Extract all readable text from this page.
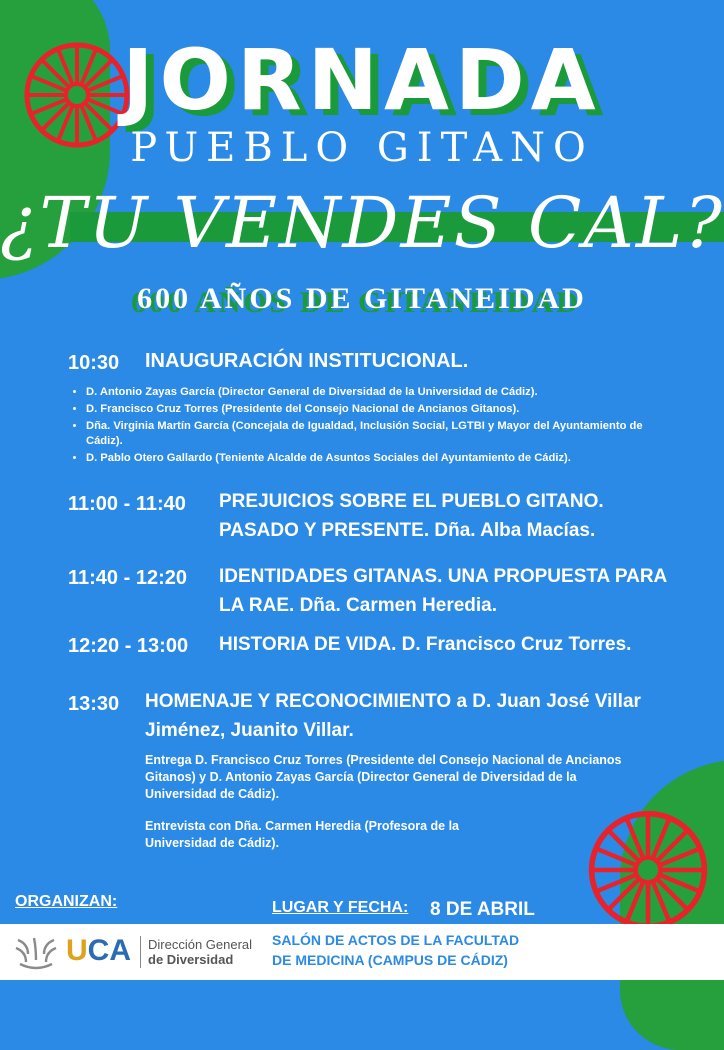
JORNADA
PUEBLO GITANO
¿TU VENDES CAL?
600 AÑOS DE GITANEIDAD
10:30 INAUGURACIÓN INSTITUCIONAL.
• D. Antonio Zayas García (Director General de Diversidad de la Universidad de Cádiz).
• D. Francisco Cruz Torres (Presidente del Consejo Nacional de Ancianos Gitanos).
• Dña. Virginia Martín García (Concejala de Igualdad, Inclusión Social, LGTBI y Mayor del Ayuntamiento de Cádiz).
• D. Pablo Otero Gallardo (Teniente Alcalde de Asuntos Sociales del Ayuntamiento de Cádiz).
11:00 - 11:40 PREJUICIOS SOBRE EL PUEBLO GITANO.
PASADO Y PRESENTE. Dña. Alba Macías.
11:40 - 12:20 IDENTIDADES GITANAS. UNA PROPUESTA PARA
LA RAE. Dña. Carmen Heredia.
12:20 - 13:00 HISTORIA DE VIDA. D. Francisco Cruz Torres.
13:30 HOMENAJE Y RECONOCIMIENTO a D. Juan José Villar
Jiménez, Juanito Villar.
Entrega D. Francisco Cruz Torres (Presidente del Consejo Nacional de Ancianos Gitanos) y D. Antonio Zayas García (Director General de Diversidad de la Universidad de Cádiz).
Entrevista con Dña. Carmen Heredia (Profesora de la Universidad de Cádiz).
ORGANIZAN:	LUGAR Y FECHA: 8 DE ABRIL
UCA Dirección General
de Diversidad
SALÓN DE ACTOS DE LA FACULTAD
DE MEDICINA (CAMPUS DE CÁDIZ)
